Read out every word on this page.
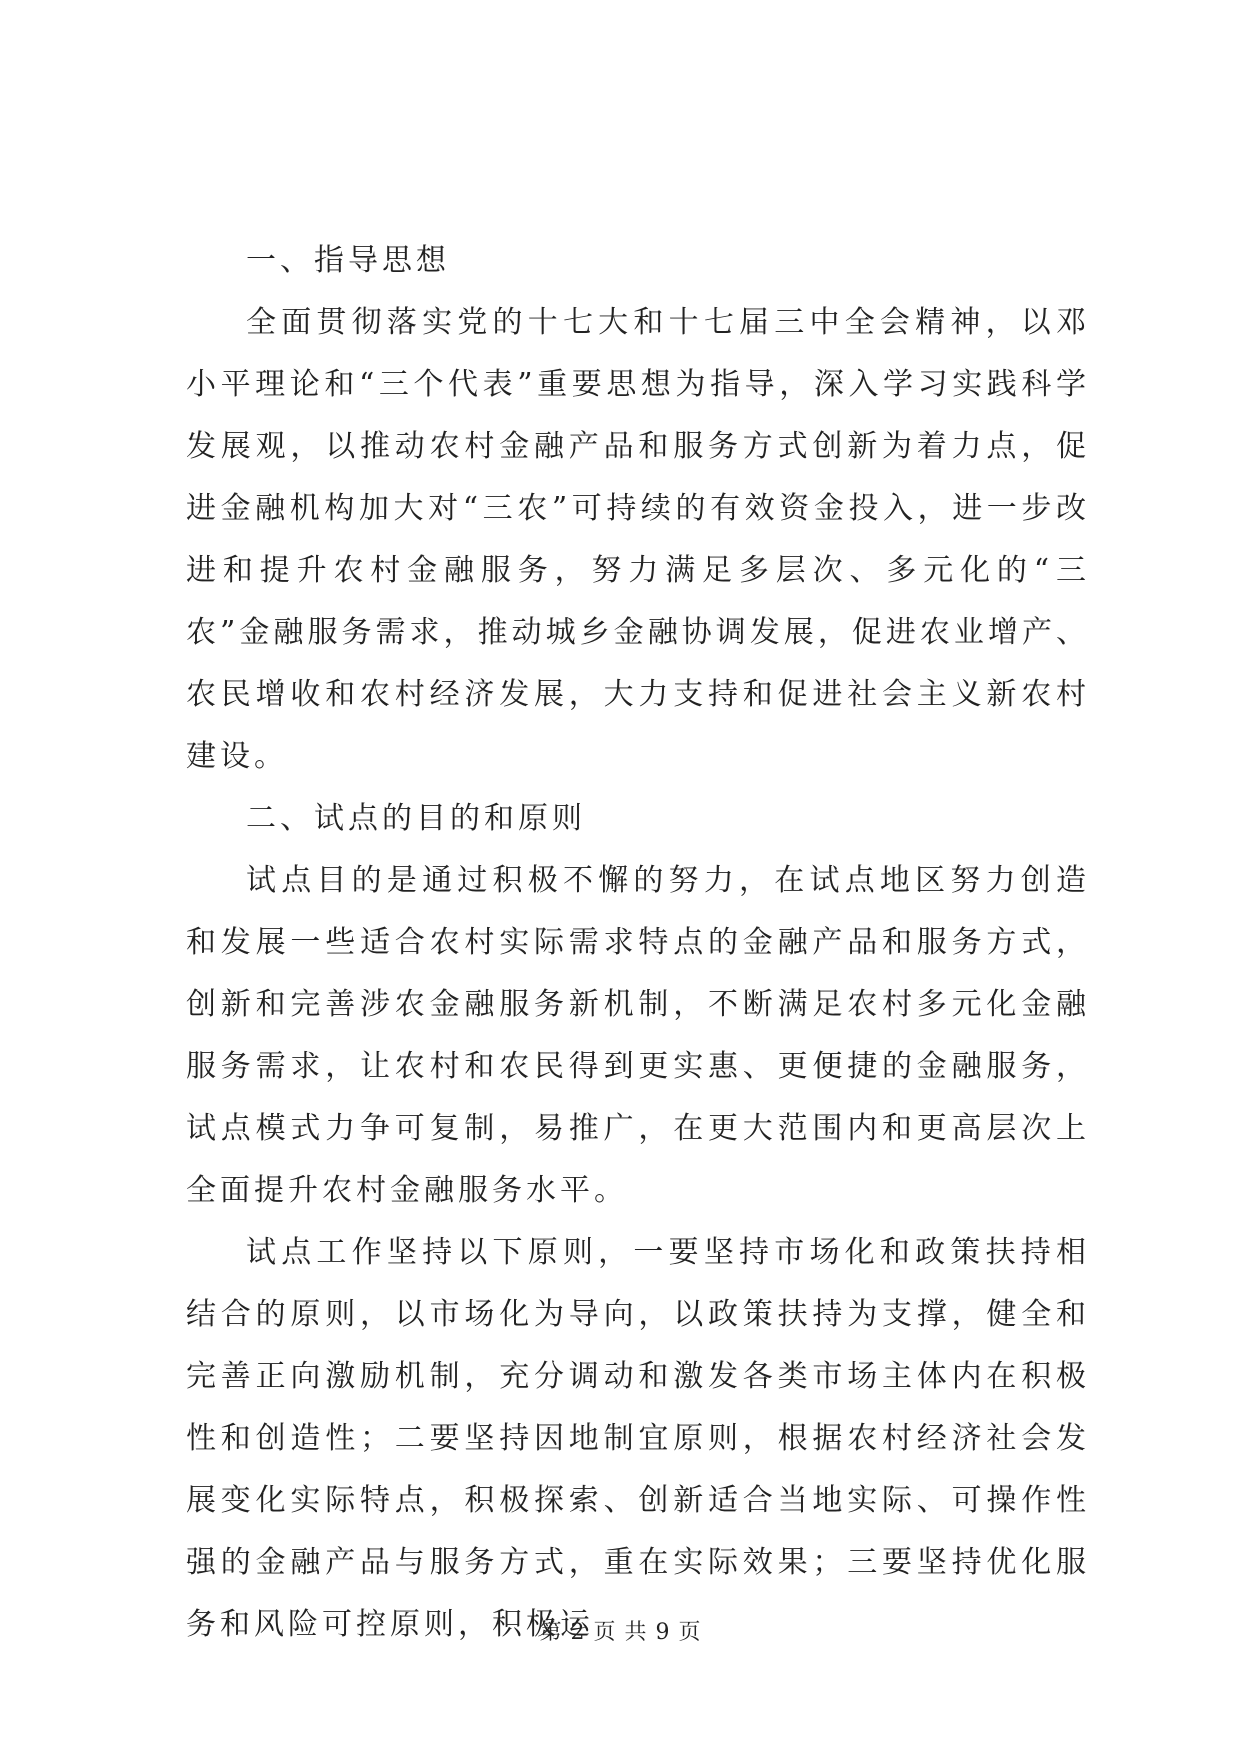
一、指导思想

全面贯彻落实党的十七大和十七届三中全会精神，以邓小平理论和“三个代表”重要思想为指导，深入学习实践科学发展观，以推动农村金融产品和服务方式创新为着力点，促进金融机构加大对“三农”可持续的有效资金投入，进一步改进和提升农村金融服务，努力满足多层次、多元化的“三农”金融服务需求，推动城乡金融协调发展，促进农业增产、农民增收和农村经济发展，大力支持和促进社会主义新农村建设。

二、试点的目的和原则

试点目的是通过积极不懈的努力，在试点地区努力创造和发展一些适合农村实际需求特点的金融产品和服务方式，创新和完善涉农金融服务新机制，不断满足农村多元化金融服务需求，让农村和农民得到更实惠、更便捷的金融服务，试点模式力争可复制，易推广，在更大范围内和更高层次上全面提升农村金融服务水平。

试点工作坚持以下原则，一要坚持市场化和政策扶持相结合的原则，以市场化为导向，以政策扶持为支撑，健全和完善正向激励机制，充分调动和激发各类市场主体内在积极性和创造性；二要坚持因地制宜原则，根据农村经济社会发展变化实际特点，积极探索、创新适合当地实际、可操作性强的金融产品与服务方式，重在实际效果；三要坚持优化服务和风险可控原则，积极运

第 2 页 共 9 页
